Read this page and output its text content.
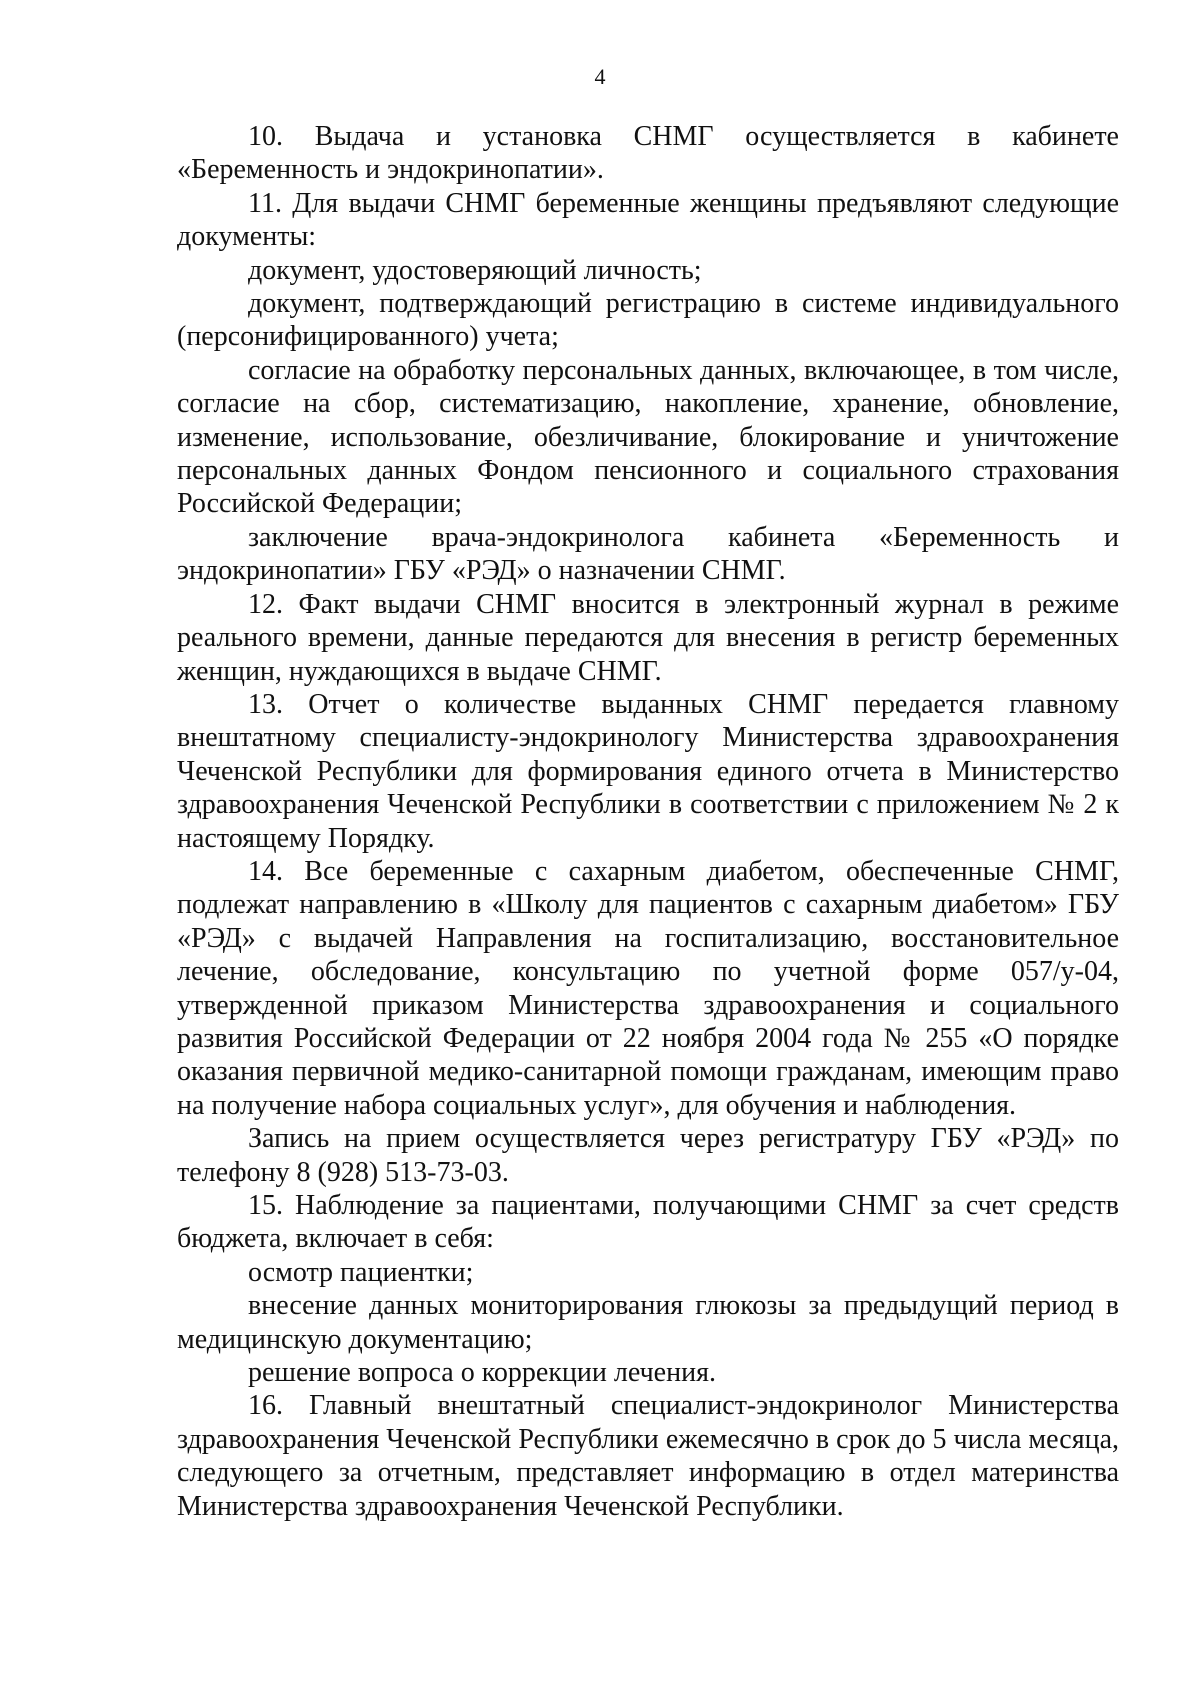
4

10. Выдача и установка СНМГ осуществляется в кабинете «Беременность и эндокринопатии».

11. Для выдачи СНМГ беременные женщины предъявляют следующие документы:

документ, удостоверяющий личность;

документ, подтверждающий регистрацию в системе индивидуального (персонифицированного) учета;

согласие на обработку персональных данных, включающее, в том числе, согласие на сбор, систематизацию, накопление, хранение, обновление, изменение, использование, обезличивание, блокирование и уничтожение персональных данных Фондом пенсионного и социального страхования Российской Федерации;

заключение врача-эндокринолога кабинета «Беременность и эндокринопатии» ГБУ «РЭД» о назначении СНМГ.

12. Факт выдачи СНМГ вносится в электронный журнал в режиме реального времени, данные передаются для внесения в регистр беременных женщин, нуждающихся в выдаче СНМГ.

13. Отчет о количестве выданных СНМГ передается главному внештатному специалисту-эндокринологу Министерства здравоохранения Чеченской Республики для формирования единого отчета в Министерство здравоохранения Чеченской Республики в соответствии с приложением № 2 к настоящему Порядку.

14. Все беременные с сахарным диабетом, обеспеченные СНМГ, подлежат направлению в «Школу для пациентов с сахарным диабетом» ГБУ «РЭД» с выдачей Направления на госпитализацию, восстановительное лечение, обследование, консультацию по учетной форме 057/у-04, утвержденной приказом Министерства здравоохранения и социального развития Российской Федерации от 22 ноября 2004 года № 255 «О порядке оказания первичной медико-санитарной помощи гражданам, имеющим право на получение набора социальных услуг», для обучения и наблюдения.

Запись на прием осуществляется через регистратуру ГБУ «РЭД» по телефону 8 (928) 513-73-03.

15. Наблюдение за пациентами, получающими СНМГ за счет средств бюджета, включает в себя:

осмотр пациентки;

внесение данных мониторирования глюкозы за предыдущий период в медицинскую документацию;

решение вопроса о коррекции лечения.

16. Главный внештатный специалист-эндокринолог Министерства здравоохранения Чеченской Республики ежемесячно в срок до 5 числа месяца, следующего за отчетным, представляет информацию в отдел материнства Министерства здравоохранения Чеченской Республики.
